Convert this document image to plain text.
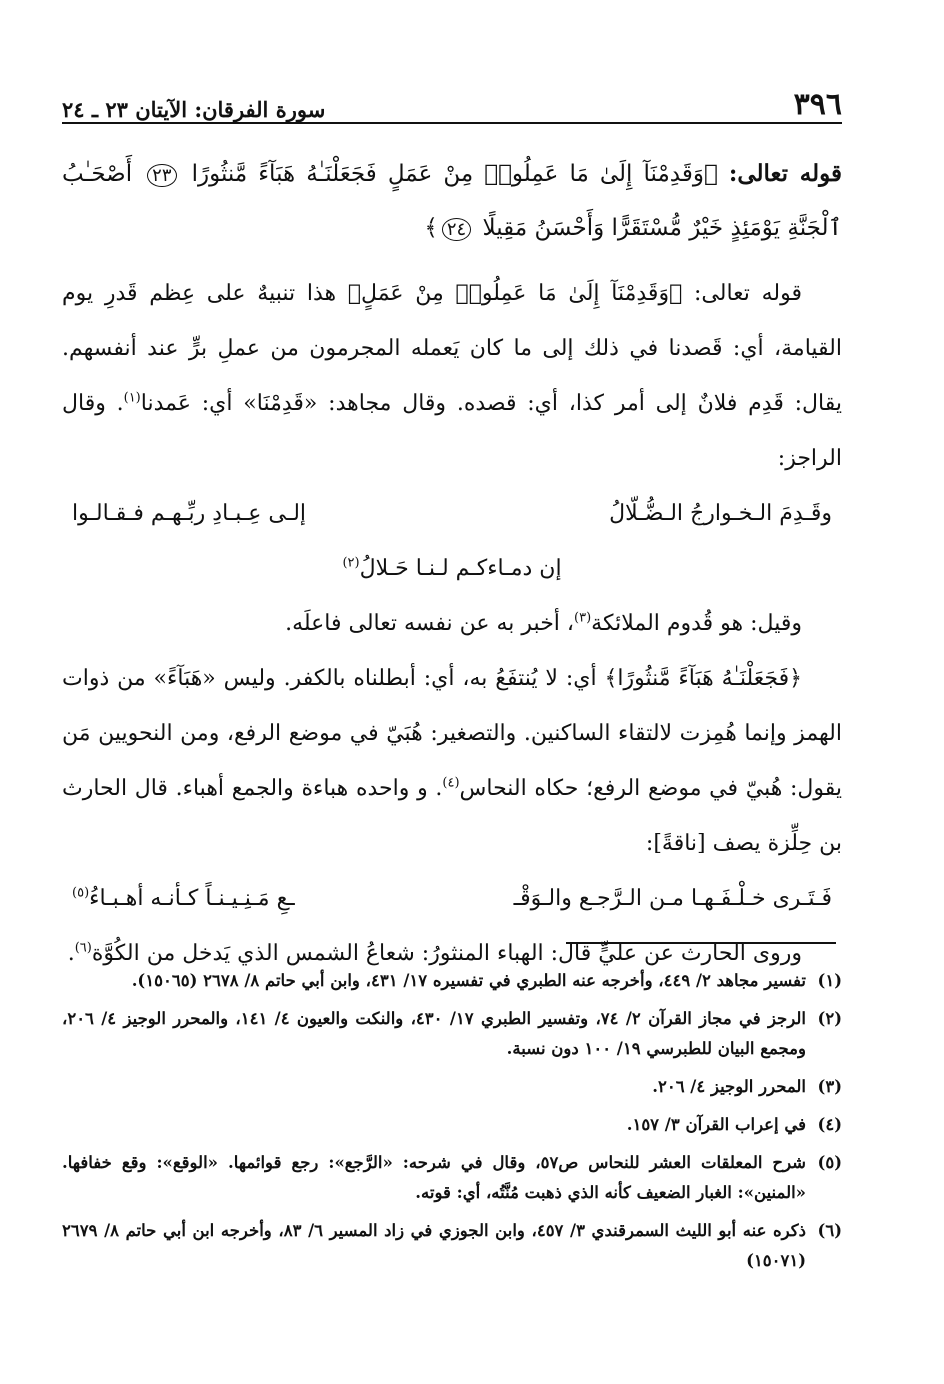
٣٩٦
سورة الفرقان: الآيتان ٢٣ ـ ٢٤

قوله تعالى: ﴿وَقَدِمْنَآ إِلَىٰ مَا عَمِلُوا۟ مِنْ عَمَلٍ فَجَعَلْنَـٰهُ هَبَآءً مَّنثُورًا ٢٣ أَصْحَـٰبُ ٱلْجَنَّةِ يَوْمَئِذٍ خَيْرٌ مُّسْتَقَرًّا وَأَحْسَنُ مَقِيلًا ٢٤﴾

قوله تعالى: ﴿وَقَدِمْنَآ إِلَىٰ مَا عَمِلُوا۟ مِنْ عَمَلٍ﴾ هذا تنبيهٌ على عِظم قَدرِ يوم القيامة، أي: قَصدنا في ذلك إلى ما كان يَعمله المجرمون من عملِ برٍّ عند أنفسهم. يقال: قَدِم فلانٌ إلى أمر كذا، أي: قصده. وقال مجاهد: «قَدِمْنَا» أي: عَمدنا$^{(١)}$. وقال الراجز:

وقَـدِمَ الـخـوارجُ الـضُّـلّالُ
إلـى عِـبـادِ ربِّـهـم فـقـالـوا
إن دمـاءكـم لـنـا حَـلالُ$^{(٢)}$

وقيل: هو قُدوم الملائكة$^{(٣)}$، أخبر به عن نفسه تعالى فاعلَه.

﴿فَجَعَلْنَـٰهُ هَبَآءً مَّنثُورًا﴾ أي: لا يُنتفَعُ به، أي: أبطلناه بالكفر. وليس «هَبَآءً» من ذوات الهمز وإنما هُمِزت لالتقاء الساكنين. والتصغير: هُبَيّ في موضع الرفع، ومن النحويين مَن يقول: هُبيّ في موضع الرفع؛ حكاه النحاس$^{(٤)}$. و واحده هباءة والجمع أهباء. قال الحارث بن حِلِّزة يصف [ناقةً]:

فَـتَـرى خـلْـفَـهـا مـن الـرَّجـع والـوَقْـ
ـعِ مَـنِـيـنـاً كـأنـه أهـبـاءُ$^{(٥)}$

وروى الحارث عن عليٍّ قال: الهباء المنثورُ: شعاعُ الشمس الذي يَدخل من الكُوَّة$^{(٦)}$.

(١)
تفسير مجاهد ٢/ ٤٤٩، وأخرجه عنه الطبري في تفسيره ١٧/ ٤٣١، وابن أبي حاتم ٨/ ٢٦٧٨ (١٥٠٦٥).

(٢)
الرجز في مجاز القرآن ٢/ ٧٤، وتفسير الطبري ١٧/ ٤٣٠، والنكت والعيون ٤/ ١٤١، والمحرر الوجيز ٤/ ٢٠٦، ومجمع البيان للطبرسي ١٩/ ١٠٠ دون نسبة.

(٣)
المحرر الوجيز ٤/ ٢٠٦.

(٤)
في إعراب القرآن ٣/ ١٥٧.

(٥)
شرح المعلقات العشر للنحاس ص٥٧، وقال في شرحه: «الرَّجع»: رجع قوائمها. «الوقع»: وقع خفافها. «المنين»: الغبار الضعيف كأنه الذي ذهبت مُنَّتُه، أي: قوته.

(٦)
ذكره عنه أبو الليث السمرقندي ٣/ ٤٥٧، وابن الجوزي في زاد المسير ٦/ ٨٣، وأخرجه ابن أبي حاتم ٨/ ٢٦٧٩ (١٥٠٧١)
